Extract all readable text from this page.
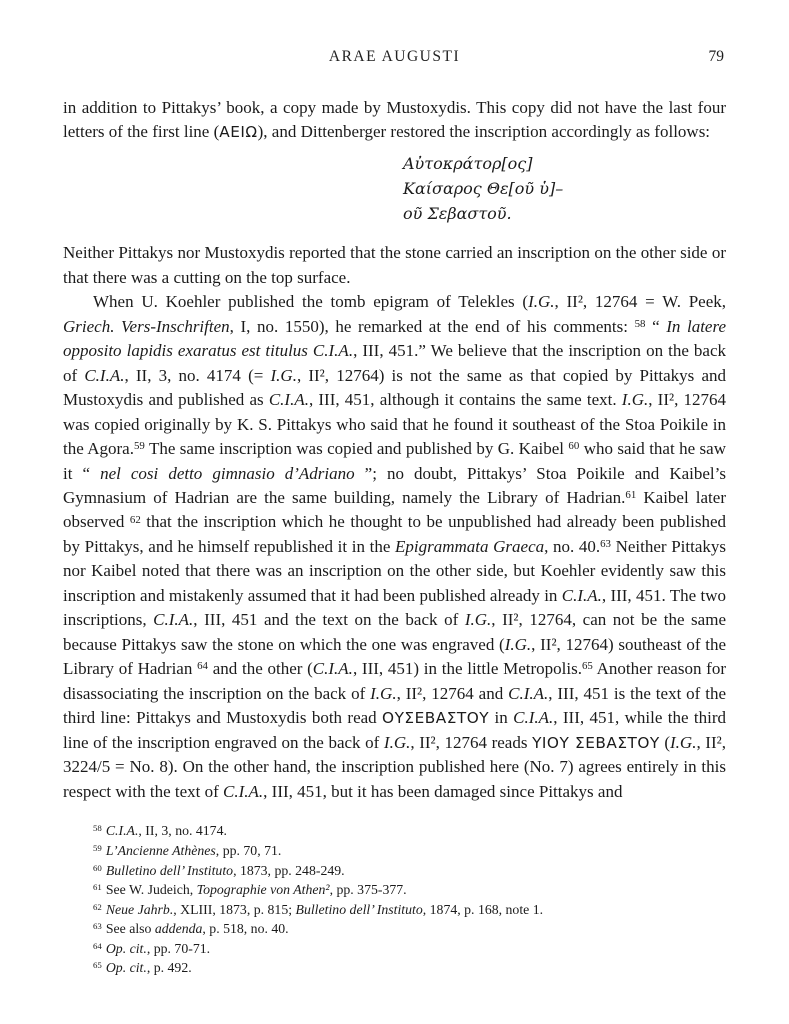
ARAE AUGUSTI	79

in addition to Pittakys’ book, a copy made by Mustoxydis. This copy did not have the last four letters of the first line (ΑΕΙΩ), and Dittenberger restored the inscription accordingly as follows:

Αὐτοκράτορ[ος]
Καίσαρος Θε[οῦ ὑ]–
οῦ Σεβαστοῦ.

Neither Pittakys nor Mustoxydis reported that the stone carried an inscription on the other side or that there was a cutting on the top surface.

When U. Koehler published the tomb epigram of Telekles (I.G., II², 12764 = W. Peek, Griech. Vers-Inschriften, I, no. 1550), he remarked at the end of his comments: $^{58}$ “ In latere opposito lapidis exaratus est titulus C.I.A., III, 451.” We believe that the inscription on the back of C.I.A., II, 3, no. 4174 (= I.G., II², 12764) is not the same as that copied by Pittakys and Mustoxydis and published as C.I.A., III, 451, although it contains the same text. I.G., II², 12764 was copied originally by K. S. Pittakys who said that he found it southeast of the Stoa Poikile in the Agora.$^{59}$ The same inscription was copied and published by G. Kaibel $^{60}$ who said that he saw it “ nel cosi detto gimnasio d’Adriano ”; no doubt, Pittakys’ Stoa Poikile and Kaibel’s Gymnasium of Hadrian are the same building, namely the Library of Hadrian.$^{61}$ Kaibel later observed $^{62}$ that the inscription which he thought to be unpublished had already been published by Pittakys, and he himself republished it in the Epigrammata Graeca, no. 40.63 Neither Pittakys nor Kaibel noted that there was an inscription on the other side, but Koehler evidently saw this inscription and mistakenly assumed that it had been published already in C.I.A., III, 451. The two inscriptions, C.I.A., III, 451 and the text on the back of I.G., II², 12764, can not be the same because Pittakys saw the stone on which the one was engraved (I.G., II², 12764) southeast of the Library of Hadrian $^{64}$ and the other (C.I.A., III, 451) in the little Metropolis.$^{65}$ Another reason for disassociating the inscription on the back of I.G., II², 12764 and C.I.A., III, 451 is the text of the third line: Pittakys and Mustoxydis both read ΟΥΣΕΒΑΣΤΟΥ in C.I.A., III, 451, while the third line of the inscription engraved on the back of I.G., II², 12764 reads ΥΙΟΥ ΣΕΒΑΣΤΟΥ (I.G., II², 3224/5 = No. 8). On the other hand, the inscription published here (No. 7) agrees entirely in this respect with the text of C.I.A., III, 451, but it has been damaged since Pittakys and

$^{58}$ C.I.A., II, 3, no. 4174.
$^{59}$ L’Ancienne Athènes, pp. 70, 71.
$^{60}$ Bulletino dell’ Instituto, 1873, pp. 248-249.
$^{61}$ See W. Judeich, Topographie von Athen², pp. 375-377.
$^{62}$ Neue Jahrb., XLIII, 1873, p. 815; Bulletino dell’ Instituto, 1874, p. 168, note 1.
$^{63}$ See also addenda, p. 518, no. 40.
$^{64}$ Op. cit., pp. 70-71.
$^{65}$ Op. cit., p. 492.
